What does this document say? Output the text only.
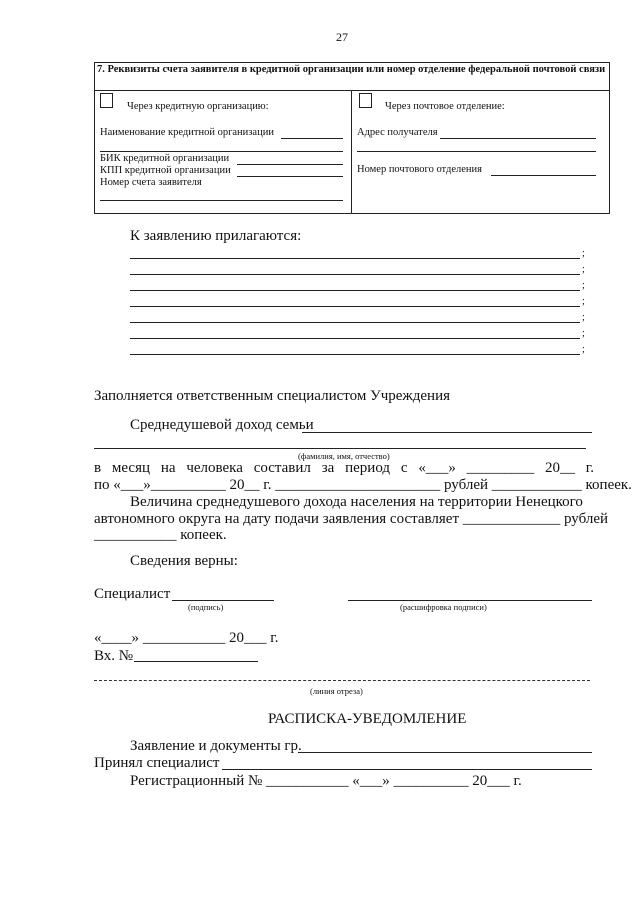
27
7. Реквизиты счета заявителя в кредитной организации или номер отделение федеральной почтовой связи
Через кредитную организацию:
Наименование кредитной организации
БИК кредитной организации
КПП кредитной организации
Номер счета заявителя
Через почтовое отделение:
Адрес получателя
Номер почтового отделения
К заявлению прилагаются:
;
;
;
;
;
;
;
Заполняется ответственным специалистом Учреждения
Среднедушевой доход семьи
(фамилия, имя, отчество)
в месяц на человека составил за период с «___» _________ 20__ г.
по «___»__________ 20__ г. ______________________ рублей ____________ копеек.
Величина среднедушевого дохода населения на территории Ненецкого
автономного округа на дату подачи заявления составляет _____________ рублей
___________ копеек.
Сведения верны:
Специалист
(подпись)	(расшифровка подписи)
«____» ___________ 20___ г.
Вх. №
(линия отреза)
РАСПИСКА-УВЕДОМЛЕНИЕ
Заявление и документы гр.
Принял специалист
Регистрационный № ___________ «___» __________ 20___ г.
